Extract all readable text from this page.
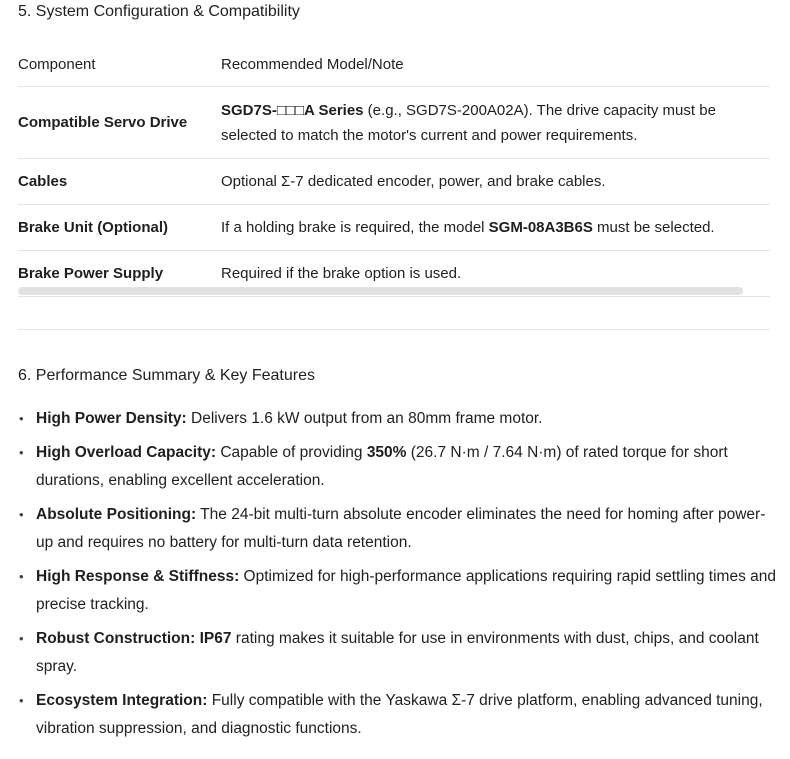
5. System Configuration & Compatibility
Component	Recommended Model/Note
Compatible Servo Drive	SGD7S-□□□A Series (e.g., SGD7S-200A02A). The drive capacity must be selected to match the motor's current and power requirements.
Cables	Optional Σ-7 dedicated encoder, power, and brake cables.
Brake Unit (Optional)	If a holding brake is required, the model SGM-08A3B6S must be selected.
Brake Power Supply	Required if the brake option is used.
6. Performance Summary & Key Features
• High Power Density: Delivers 1.6 kW output from an 80mm frame motor.
• High Overload Capacity: Capable of providing 350% (26.7 N·m / 7.64 N·m) of rated torque for short durations, enabling excellent acceleration.
• Absolute Positioning: The 24-bit multi-turn absolute encoder eliminates the need for homing after power-up and requires no battery for multi-turn data retention.
• High Response & Stiffness: Optimized for high-performance applications requiring rapid settling times and precise tracking.
• Robust Construction: IP67 rating makes it suitable for use in environments with dust, chips, and coolant spray.
• Ecosystem Integration: Fully compatible with the Yaskawa Σ-7 drive platform, enabling advanced tuning, vibration suppression, and diagnostic functions.
